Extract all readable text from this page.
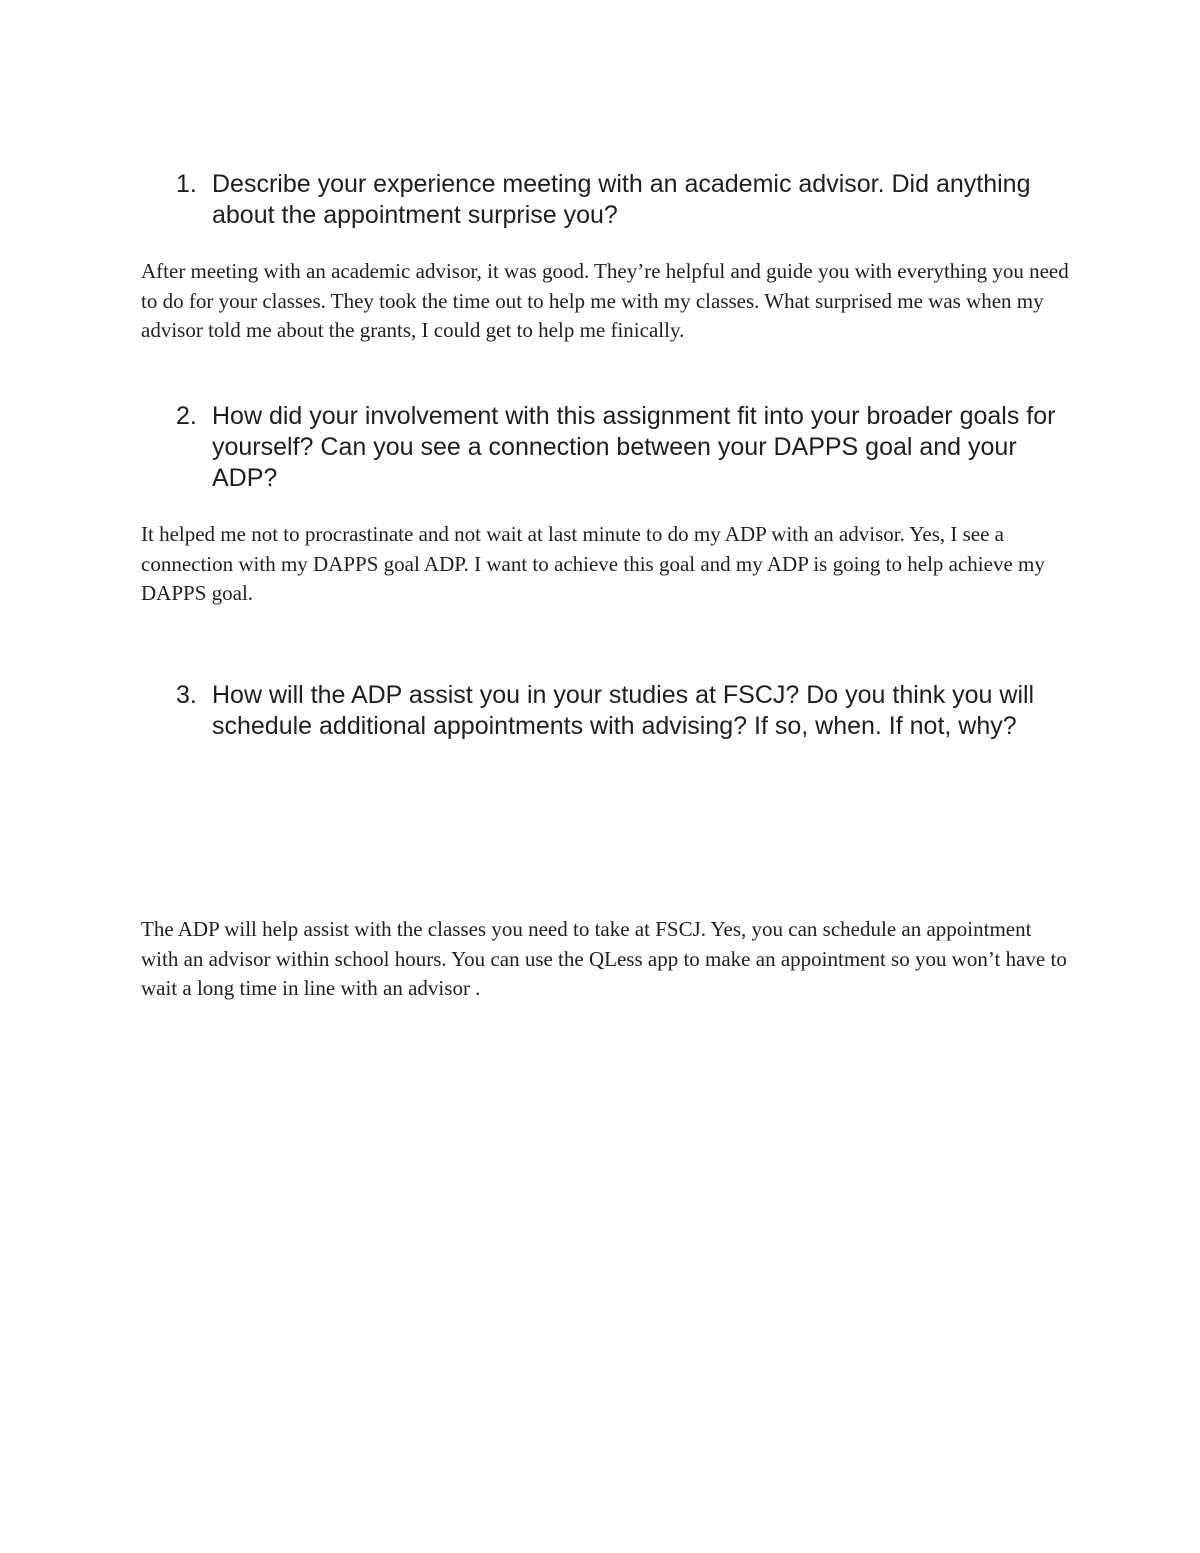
1. Describe your experience meeting with an academic advisor. Did anything about the appointment surprise you?

After meeting with an academic advisor, it was good. They’re helpful and guide you with everything you need to do for your classes. They took the time out to help me with my classes. What surprised me was when my advisor told me about the grants, I could get to help me finically.

2. How did your involvement with this assignment fit into your broader goals for yourself? Can you see a connection between your DAPPS goal and your ADP?

It helped me not to procrastinate and not wait at last minute to do my ADP with an advisor. Yes, I see a connection with my DAPPS goal ADP. I want to achieve this goal and my ADP is going to help achieve my DAPPS goal.

3. How will the ADP assist you in your studies at FSCJ? Do you think you will schedule additional appointments with advising? If so, when. If not, why?

The ADP will help assist with the classes you need to take at FSCJ. Yes, you can schedule an appointment with an advisor within school hours. You can use the QLess app to make an appointment so you won’t have to wait a long time in line with an advisor .
